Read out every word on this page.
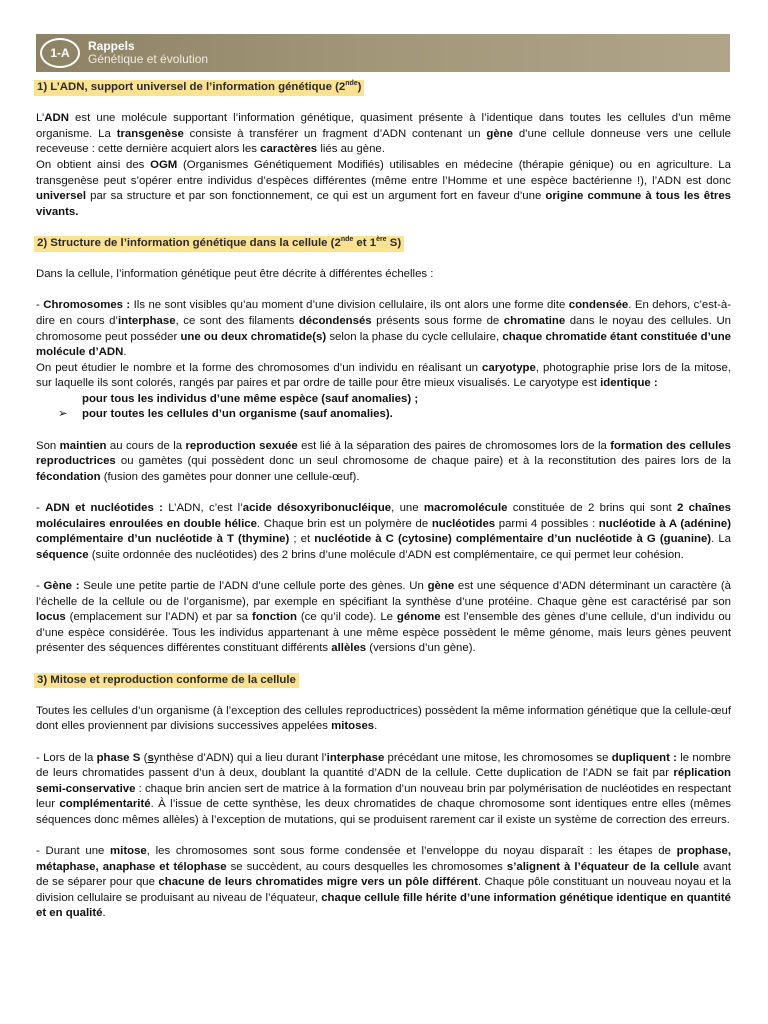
1-A	Rappels
Génétique et évolution
1) L’ADN, support universel de l’information génétique (2nde)

L’ADN est une molécule supportant l’information génétique, quasiment présente à l’identique dans toutes les cellules d’un même organisme. La transgenèse consiste à transférer un fragment d’ADN contenant un gène d’une cellule donneuse vers une cellule receveuse : cette dernière acquiert alors les caractères liés au gène.

On obtient ainsi des OGM (Organismes Génétiquement Modifiés) utilisables en médecine (thérapie génique) ou en agriculture. La transgenèse peut s’opérer entre individus d’espèces différentes (même entre l’Homme et une espèce bactérienne !), l’ADN est donc universel par sa structure et par son fonctionnement, ce qui est un argument fort en faveur d’une origine commune à tous les êtres vivants.

2) Structure de l’information génétique dans la cellule (2nde et 1ère S)

Dans la cellule, l’information génétique peut être décrite à différentes échelles :

- Chromosomes : Ils ne sont visibles qu’au moment d’une division cellulaire, ils ont alors une forme dite condensée. En dehors, c’est-à-dire en cours d’interphase, ce sont des filaments décondensés présents sous forme de chromatine dans le noyau des cellules. Un chromosome peut posséder une ou deux chromatide(s) selon la phase du cycle cellulaire, chaque chromatide étant constituée d’une molécule d’ADN.

On peut étudier le nombre et la forme des chromosomes d’un individu en réalisant un caryotype, photographie prise lors de la mitose, sur laquelle ils sont colorés, rangés par paires et par ordre de taille pour être mieux visualisés. Le caryotype est identique :

pour tous les individus d’une même espèce (sauf anomalies) ;
➢	pour toutes les cellules d’un organisme (sauf anomalies).

Son maintien au cours de la reproduction sexuée est lié à la séparation des paires de chromosomes lors de la formation des cellules reproductrices ou gamètes (qui possèdent donc un seul chromosome de chaque paire) et à la reconstitution des paires lors de la fécondation (fusion des gamètes pour donner une cellule-œuf).

- ADN et nucléotides : L’ADN, c’est l’acide désoxyribonucléique, une macromolécule constituée de 2 brins qui sont 2 chaînes moléculaires enroulées en double hélice. Chaque brin est un polymère de nucléotides parmi 4 possibles : nucléotide à A (adénine) complémentaire d’un nucléotide à T (thymine) ; et nucléotide à C (cytosine) complémentaire d’un nucléotide à G (guanine). La séquence (suite ordonnée des nucléotides) des 2 brins d’une molécule d’ADN est complémentaire, ce qui permet leur cohésion.

- Gène : Seule une petite partie de l’ADN d’une cellule porte des gènes. Un gène est une séquence d’ADN déterminant un caractère (à l’échelle de la cellule ou de l’organisme), par exemple en spécifiant la synthèse d’une protéine. Chaque gène est caractérisé par son locus (emplacement sur l’ADN) et par sa fonction (ce qu’il code). Le génome est l’ensemble des gènes d’une cellule, d’un individu ou d’une espèce considérée. Tous les individus appartenant à une même espèce possèdent le même génome, mais leurs gènes peuvent présenter des séquences différentes constituant différents allèles (versions d’un gène).

3) Mitose et reproduction conforme de la cellule

Toutes les cellules d’un organisme (à l’exception des cellules reproductrices) possèdent la même information génétique que la cellule-œuf dont elles proviennent par divisions successives appelées mitoses.

- Lors de la phase S (synthèse d’ADN) qui a lieu durant l’interphase précédant une mitose, les chromosomes se dupliquent : le nombre de leurs chromatides passent d’un à deux, doublant la quantité d’ADN de la cellule. Cette duplication de l’ADN se fait par réplication semi-conservative : chaque brin ancien sert de matrice à la formation d’un nouveau brin par polymérisation de nucléotides en respectant leur complémentarité. À l’issue de cette synthèse, les deux chromatides de chaque chromosome sont identiques entre elles (mêmes séquences donc mêmes allèles) à l’exception de mutations, qui se produisent rarement car il existe un système de correction des erreurs.

- Durant une mitose, les chromosomes sont sous forme condensée et l’enveloppe du noyau disparaît : les étapes de prophase, métaphase, anaphase et télophase se succèdent, au cours desquelles les chromosomes s’alignent à l’équateur de la cellule avant de se séparer pour que chacune de leurs chromatides migre vers un pôle différent. Chaque pôle constituant un nouveau noyau et la division cellulaire se produisant au niveau de l’équateur, chaque cellule fille hérite d’une information génétique identique en quantité et en qualité.
